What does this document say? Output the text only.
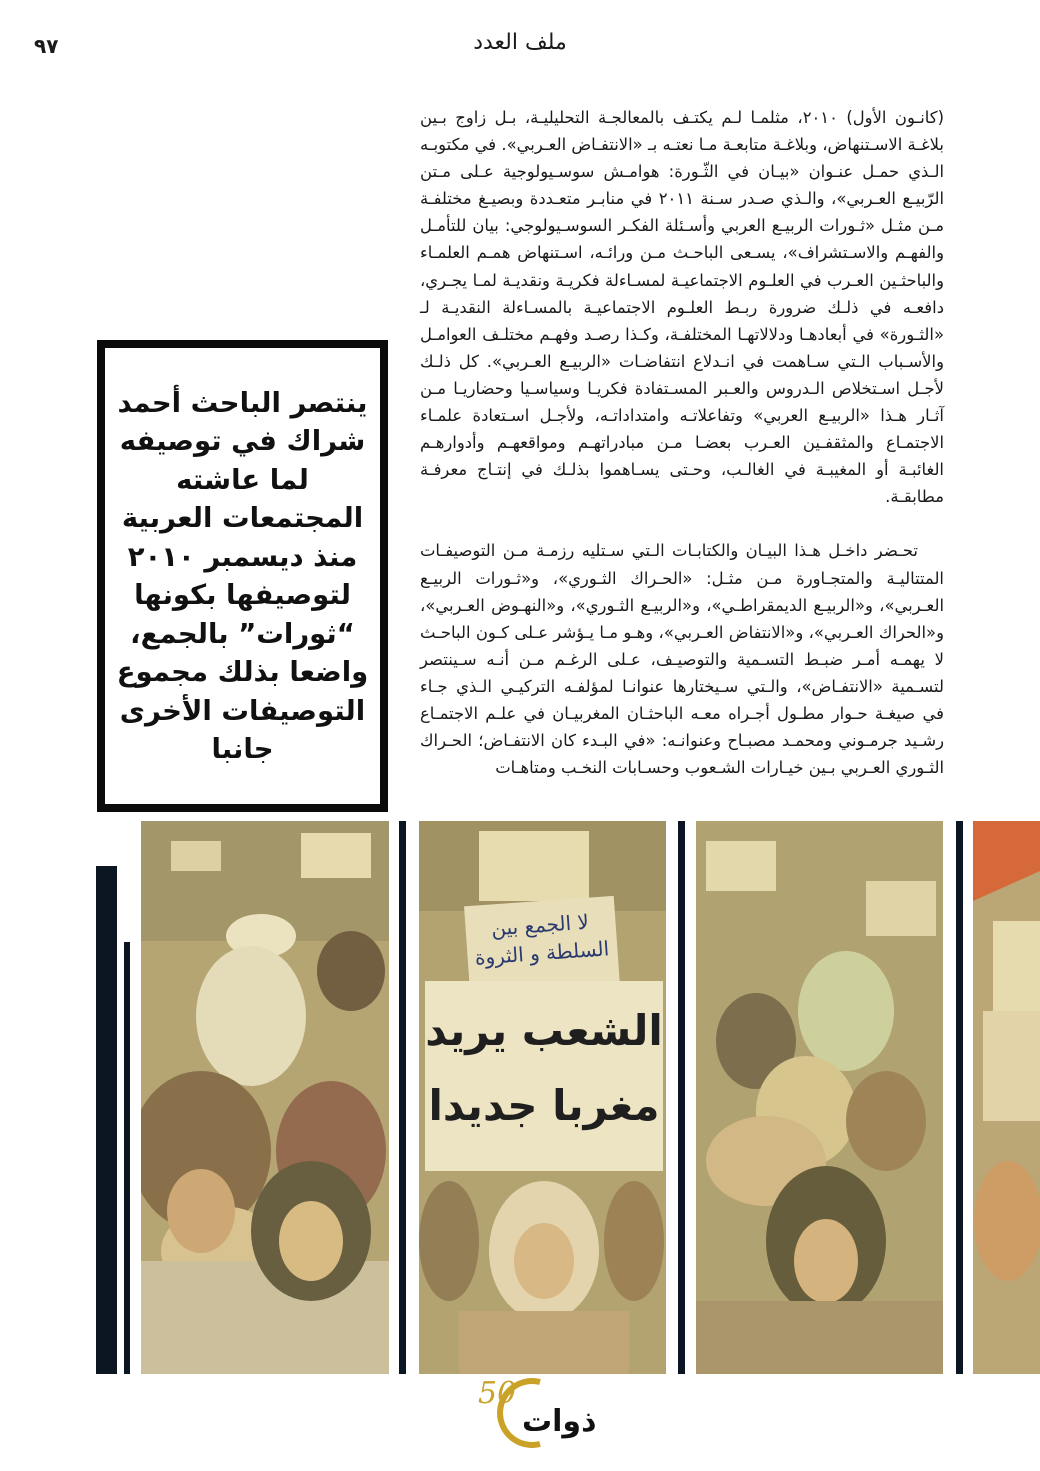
٩٧	ملف العدد

(كانـون الأول) ٢٠١٠، مثلمـا لـم يكتـف بالمعالجـة التحليليـة، بـل زاوج بـين بلاغـة الاسـتنهاض، وبلاغـة متابعـة مـا نعتـه بـ «الانتفـاض العـربي». في مكتوبـه الـذي حمـل عنـوان «بيـان في الثّـورة: هوامـش سوسـيولوجية عـلى مـتن الرّبيـع العـربي»، والـذي صـدر سـنة ٢٠١١ في منابـر متعـددة وبصيـغ مختلفـة مـن مثـل «ثـورات الربيـع العربي وأسـئلة الفكـر السوسـيولوجي: بيان للتأمـل والفهـم والاسـتشراف»، يسـعى الباحـث مـن ورائـه، اسـتنهاض همـم العلمـاء والباحثـين العـرب في العلـوم الاجتماعيـة لمسـاءلة فكريـة ونقديـة لمـا يجـري، دافعـه في ذلـك ضرورة ربـط العلـوم الاجتماعيـة بالمسـاءلة النقديـة لـ «الثـورة» في أبعادهـا ودلالاتهـا المختلفـة، وكـذا رصـد وفهـم مختلـف العوامـل والأسـباب الـتي سـاهمت في انـدلاع انتفاضـات «الربيـع العـربي». كل ذلـك لأجـل اسـتخلاص الـدروس والعـبر المسـتفادة فكريـا وسياسـيا وحضاريـا مـن آثـار هـذا «الربيـع العربي» وتفاعلاتـه وامتداداتـه، ولأجـل اسـتعادة علمـاء الاجتمـاع والمثقفـين العـرب بعضـا مـن مبادراتهـم ومواقعهـم وأدوارهـم الغائبـة أو المغيبـة في الغالـب، وحـتى يسـاهموا بذلـك في إنتـاج معرفـة مطابقـة.

تحـضر داخـل هـذا البيـان والكتابـات الـتي سـتليه رزمـة مـن التوصيفـات المتتاليـة والمتجـاورة مـن مثـل: «الحـراك الثـوري»، و«ثـورات الربيـع العـربي»، و«الربيـع الديمقراطـي»، و«الربيـع الثـوري»، و«النهـوض العـربي»، و«الحراك العـربي»، و«الانتفاض العـربي»، وهـو مـا يـؤشر عـلى كـون الباحـث لا يهمـه أمـر ضبـط التسـمية والتوصيـف، عـلى الرغـم مـن أنـه سـينتصر لتسـمية «الانتفـاض»، والـتي سـيختارها عنوانـا لمؤلفـه التركيـي الـذي جـاء في صيغـة حـوار مطـول أجـراه معـه الباحثـان المغربيـان في علـم الاجتمـاع رشـيد جرمـوني ومحمـد مصبـاح وعنوانـه: «في البـدء كان الانتفـاض؛ الحـراك الثـوري العـربي بـين خيـارات الشـعوب وحسـابات النخـب ومتاهـات

ينتصر الباحث أحمد شراك في توصيفه لما عاشته المجتمعات العربية منذ ديسمبر ٢٠١٠ لتوصيفها بكونها “ثورات” بالجمع، واضعا بذلك مجموع التوصيفات الأخرى جانبا
لا الجمع بين السلطة و الثروة
الشعب يريد
مغربا جديدا
50
ذوات
